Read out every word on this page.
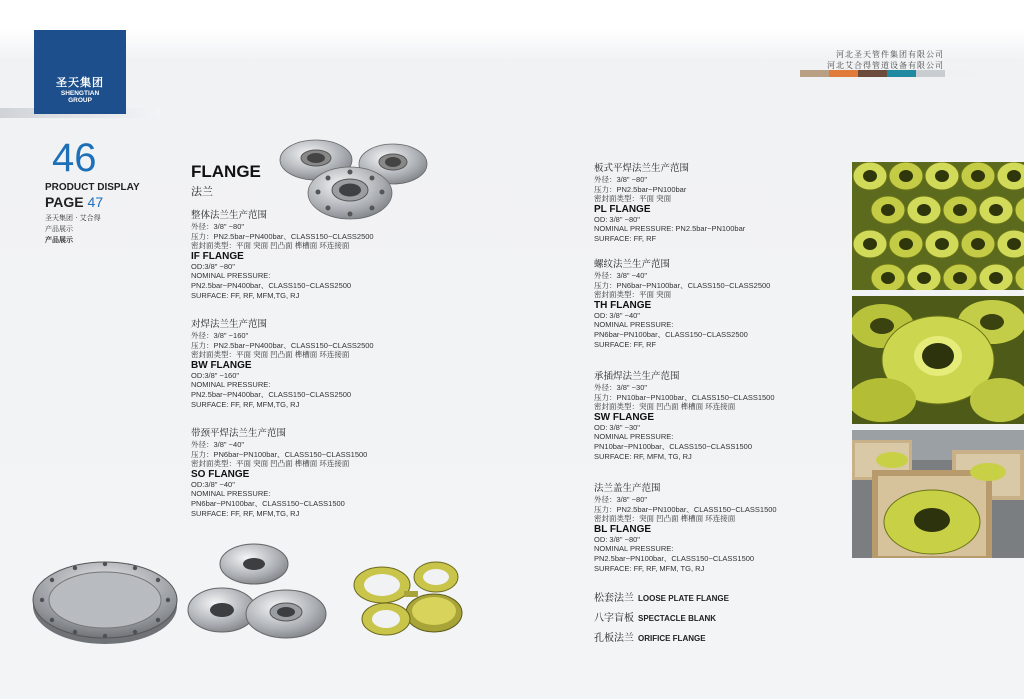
圣天集团
SHENGTIAN
GROUP
河北圣天管件集团有限公司
河北艾合得管道设备有限公司
46
PRODUCT DISPLAY
PAGE 47
圣天集团 · 艾合得
产品展示
产品展示
FLANGE
法兰
整体法兰生产范围
外径：3/8" ~80"
压力：PN2.5bar~PN400bar、CLASS150~CLASS2500
密封面类型：平面 突面 凹凸面 榫槽面 环连接面
IF FLANGE
OD:3/8" ~80"
NOMINAL PRESSURE:
PN2.5bar~PN400bar、CLASS150~CLASS2500
SURFACE: FF, RF, MFM,TG, RJ
对焊法兰生产范围
外径：3/8" ~160"
压力：PN2.5bar~PN400bar、CLASS150~CLASS2500
密封面类型：平面 突面 凹凸面 榫槽面 环连接面
BW FLANGE
OD:3/8" ~160"
NOMINAL PRESSURE:
PN2.5bar~PN400bar、CLASS150~CLASS2500
SURFACE: FF, RF, MFM,TG, RJ
带颈平焊法兰生产范围
外径：3/8" ~40"
压力：PN6bar~PN100bar、CLASS150~CLASS1500
密封面类型：平面 突面 凹凸面 榫槽面 环连接面
SO FLANGE
OD:3/8" ~40"
NOMINAL PRESSURE:
PN6bar~PN100bar、CLASS150~CLASS1500
SURFACE: FF, RF, MFM,TG, RJ
板式平焊法兰生产范围
外径：3/8" ~80"
压力：PN2.5bar~PN100bar
密封面类型：平面 突面
PL FLANGE
OD: 3/8" ~80"
NOMINAL PRESSURE: PN2.5bar~PN100bar
SURFACE: FF, RF
螺纹法兰生产范围
外径：3/8" ~40"
压力：PN6bar~PN100bar、CLASS150~CLASS2500
密封面类型：平面 突面
TH FLANGE
OD: 3/8" ~40"
NOMINAL PRESSURE:
PN6bar~PN100bar、CLASS150~CLASS2500
SURFACE: FF, RF
承插焊法兰生产范围
外径：3/8" ~30"
压力：PN10bar~PN100bar、CLASS150~CLASS1500
密封面类型：突面 凹凸面 榫槽面 环连接面
SW FLANGE
OD: 3/8" ~30"
NOMINAL PRESSURE:
PN10bar~PN100bar、CLASS150~CLASS1500
SURFACE: RF, MFM, TG, RJ
法兰盖生产范围
外径：3/8" ~80"
压力：PN2.5bar~PN100bar、CLASS150~CLASS1500
密封面类型：突面 凹凸面 榫槽面 环连接面
BL FLANGE
OD: 3/8" ~80"
NOMINAL PRESSURE:
PN2.5bar~PN100bar、CLASS150~CLASS1500
SURFACE: FF, RF, MFM, TG, RJ
松套法兰 LOOSE PLATE FLANGE
八字盲板 SPECTACLE BLANK
孔板法兰 ORIFICE FLANGE
